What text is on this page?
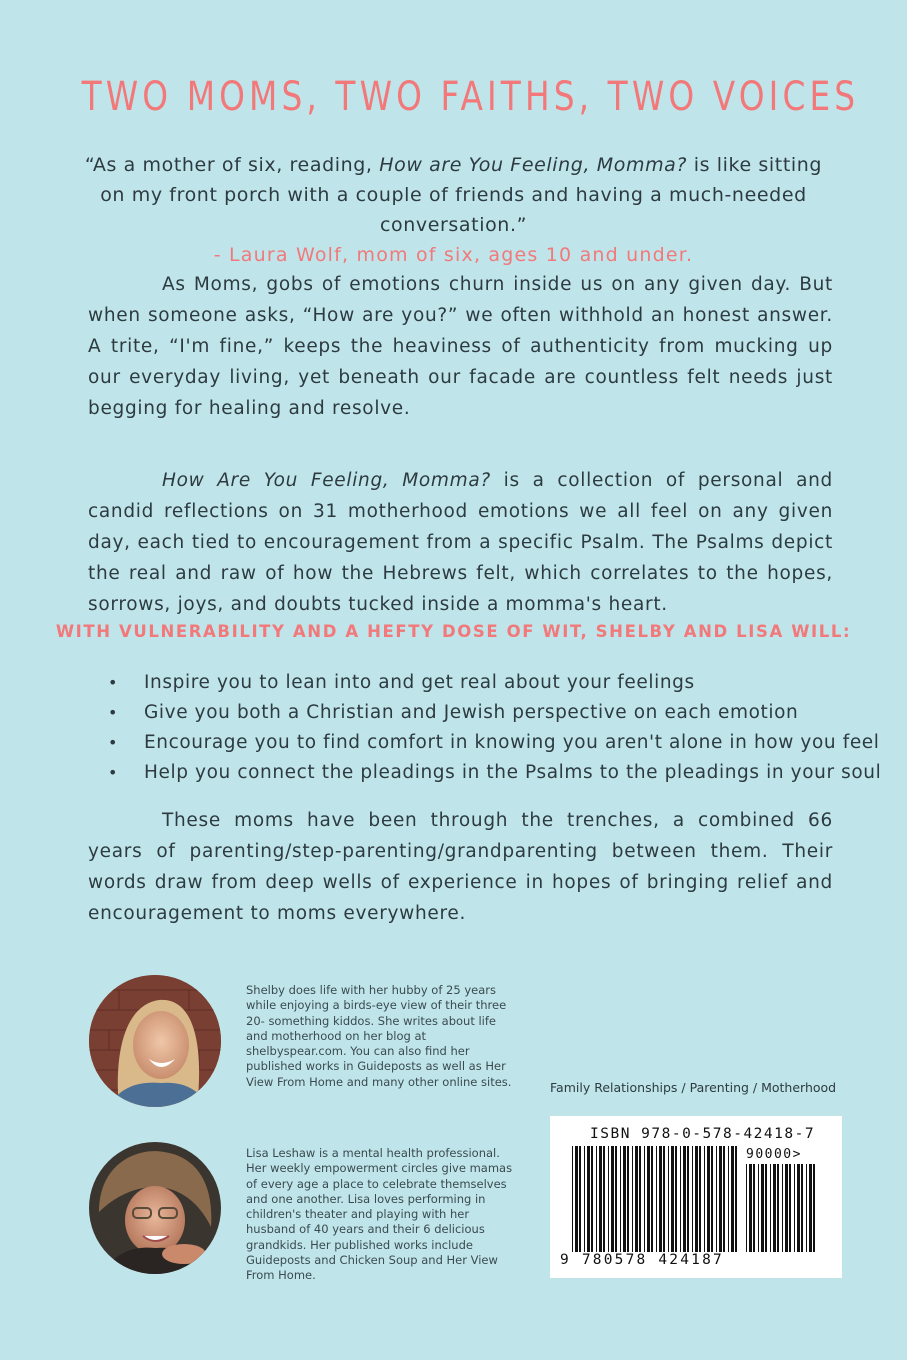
TWO MOMS, TWO FAITHS, TWO VOICES
“As a mother of six, reading, How are You Feeling, Momma? is like sitting on my front porch with a couple of friends and having a much-needed conversation.”
- Laura Wolf, mom of six, ages 10 and under.
As Moms, gobs of emotions churn inside us on any given day. But when someone asks, “How are you?” we often withhold an honest answer. A trite, “I'm fine,” keeps the heaviness of authenticity from mucking up our everyday living, yet beneath our facade are countless felt needs just begging for healing and resolve.
How Are You Feeling, Momma? is a collection of personal and candid reflections on 31 motherhood emotions we all feel on any given day, each tied to encouragement from a specific Psalm. The Psalms depict the real and raw of how the Hebrews felt, which correlates to the hopes, sorrows, joys, and doubts tucked inside a momma's heart.
WITH VULNERABILITY AND A HEFTY DOSE OF WIT, SHELBY AND LISA WILL:
• Inspire you to lean into and get real about your feelings
• Give you both a Christian and Jewish perspective on each emotion
• Encourage you to find comfort in knowing you aren't alone in how you feel
• Help you connect the pleadings in the Psalms to the pleadings in your soul
These moms have been through the trenches, a combined 66 years of parenting/step-parenting/grandparenting between them. Their words draw from deep wells of experience in hopes of bringing relief and encouragement to moms everywhere.
Shelby does life with her hubby of 25 years while enjoying a birds-eye view of their three 20- something kiddos. She writes about life and motherhood on her blog at shelbyspear.com. You can also find her published works in Guideposts as well as Her View From Home and many other online sites.
Lisa Leshaw is a mental health professional. Her weekly empowerment circles give mamas of every age a place to celebrate themselves and one another. Lisa loves performing in children's theater and playing with her husband of 40 years and their 6 delicious grandkids. Her published works include Guideposts and Chicken Soup and Her View From Home.
Family Relationships / Parenting / Motherhood
ISBN 978-0-578-42418-7
90000>
9 780578 424187
